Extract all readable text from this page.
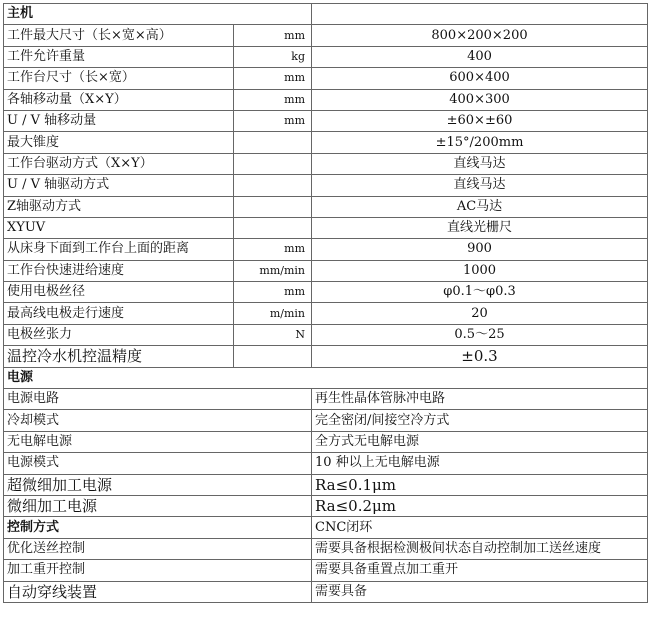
主机		
工件最大尺寸（长×宽×高）	mm	800×200×200
工件允许重量	kg	400
工作台尺寸（长×宽）	mm	600×400
各轴移动量（X×Y）	mm	400×300
U / V 轴移动量	mm	±60×±60
最大锥度		±15°/200mm
工作台驱动方式（X×Y）		直线马达
U / V 轴驱动方式		直线马达
Z轴驱动方式		AC马达
XYUV		直线光栅尺
从床身下面到工作台上面的距离	mm	900
工作台快速进给速度	mm/min	1000
使用电极丝径	mm	φ0.1～φ0.3
最高线电极走行速度	m/min	20
电极丝张力	N	0.5～25
温控冷水机控温精度		±0.3
电源		
电源电路		再生性晶体管脉冲电路
冷却模式		完全密闭/间接空冷方式
无电解电源		全方式无电解电源
电源模式		10 种以上无电解电源
超微细加工电源		Ra≤0.1μm
微细加工电源		Ra≤0.2μm
控制方式		CNC闭环
优化送丝控制		需要具备根据检测极间状态自动控制加工送丝速度
加工重开控制		需要具备重置点加工重开
自动穿线装置		需要具备
